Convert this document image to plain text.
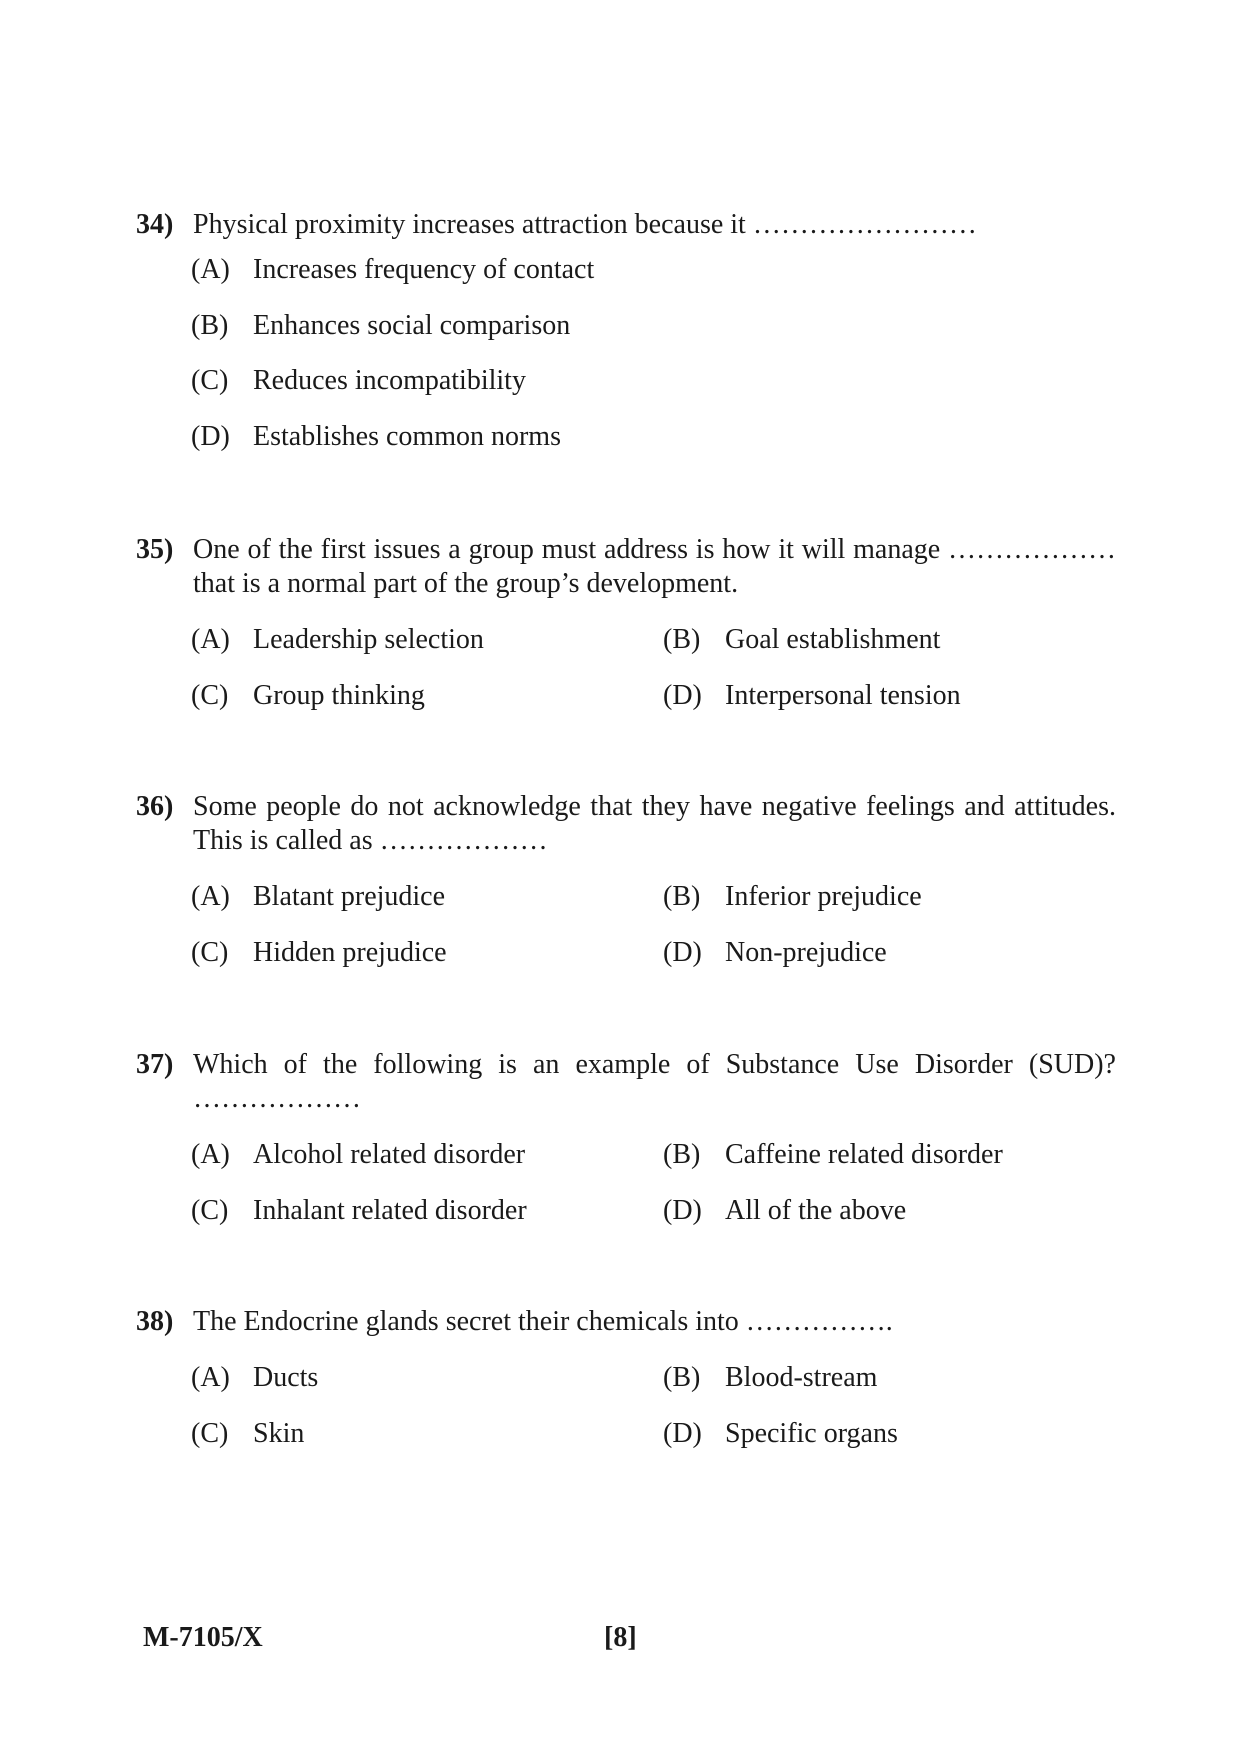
34) Physical proximity increases attraction because it ……………………
(A) Increases frequency of contact
(B) Enhances social comparison
(C) Reduces incompatibility
(D) Establishes common norms
35) One of the first issues a group must address is how it will manage ………………
that is a normal part of the group’s development.
(A) Leadership selection	(B) Goal establishment
(C) Group thinking	(D) Interpersonal tension
36) Some people do not acknowledge that they have negative feelings and attitudes.
This is called as ………………
(A) Blatant prejudice	(B) Inferior prejudice
(C) Hidden prejudice	(D) Non-prejudice
37) Which of the following is an example of Substance Use Disorder (SUD)?
………………
(A) Alcohol related disorder	(B) Caffeine related disorder
(C) Inhalant related disorder	(D) All of the above
38) The Endocrine glands secret their chemicals into …………….
(A) Ducts	(B) Blood-stream
(C) Skin	(D) Specific organs
M-7105/X	[8]
